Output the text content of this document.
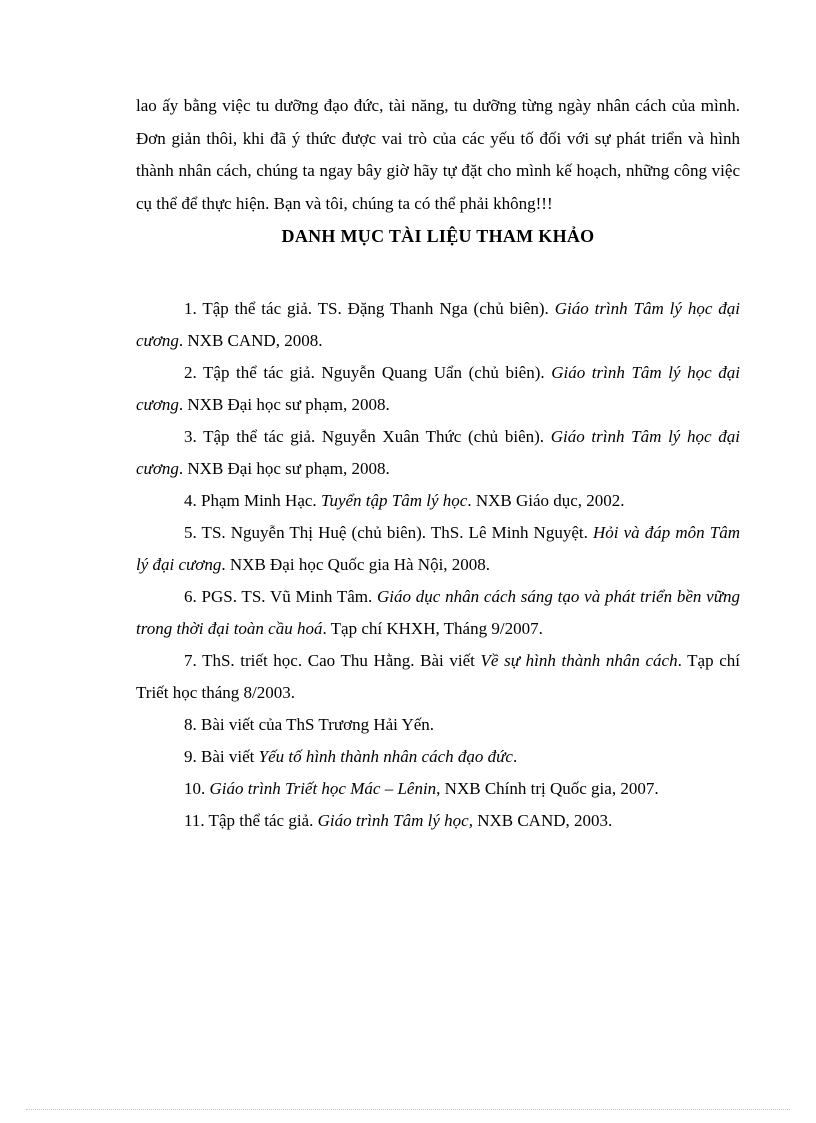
lao ấy bằng việc tu dưỡng đạo đức, tài năng, tu dưỡng từng ngày nhân cách của mình. Đơn giản thôi, khi đã ý thức được vai trò của các yếu tố đối với sự phát triển và hình thành nhân cách, chúng ta ngay bây giờ hãy tự đặt cho mình kế hoạch, những công việc cụ thể để thực hiện. Bạn và tôi, chúng ta có thể phải không!!!

DANH MỤC TÀI LIỆU THAM KHẢO

1. Tập thể tác giả. TS. Đặng Thanh Nga (chủ biên). Giáo trình Tâm lý học đại cương. NXB CAND, 2008.

2. Tập thể tác giả. Nguyễn Quang Uẩn (chủ biên). Giáo trình Tâm lý học đại cương. NXB Đại học sư phạm, 2008.

3. Tập thể tác giả. Nguyễn Xuân Thức (chủ biên). Giáo trình Tâm lý học đại cương. NXB Đại học sư phạm, 2008.

4. Phạm Minh Hạc. Tuyển tập Tâm lý học. NXB Giáo dục, 2002.

5. TS. Nguyễn Thị Huệ (chủ biên). ThS. Lê Minh Nguyệt. Hỏi và đáp môn Tâm lý đại cương. NXB Đại học Quốc gia Hà Nội, 2008.

6. PGS. TS. Vũ Minh Tâm. Giáo dục nhân cách sáng tạo và phát triển bền vững trong thời đại toàn cầu hoá. Tạp chí KHXH, Tháng 9/2007.

7. ThS. triết học. Cao Thu Hằng. Bài viết Về sự hình thành nhân cách. Tạp chí Triết học tháng 8/2003.

8. Bài viết của ThS Trương Hải Yến.

9. Bài viết Yếu tố hình thành nhân cách đạo đức.

10. Giáo trình Triết học Mác – Lênin, NXB Chính trị Quốc gia, 2007.

11. Tập thể tác giả. Giáo trình Tâm lý học, NXB CAND, 2003.
